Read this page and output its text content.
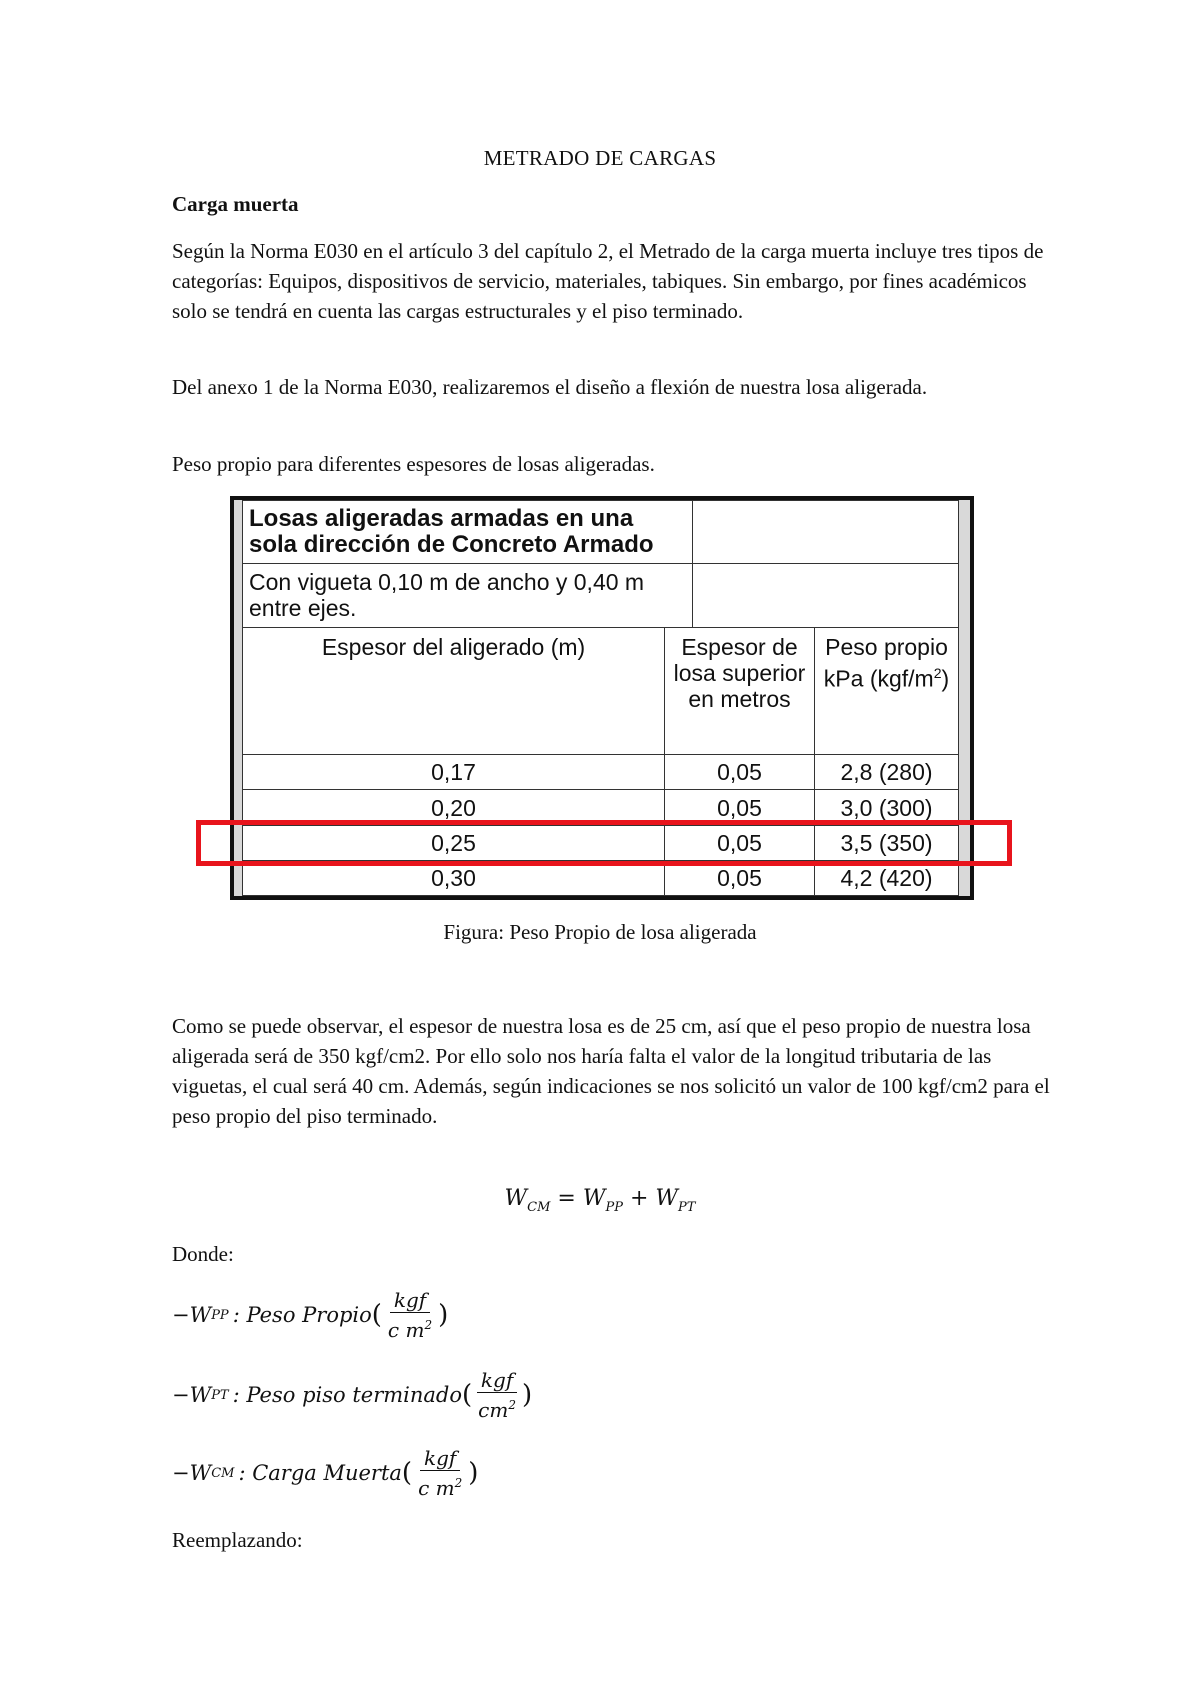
METRADO DE CARGAS
Carga muerta

Según la Norma E030 en el artículo 3 del capítulo 2, el Metrado de la carga muerta incluye tres tipos de categorías: Equipos, dispositivos de servicio, materiales, tabiques. Sin embargo, por fines académicos solo se tendrá en cuenta las cargas estructurales y el piso terminado.

Del anexo 1 de la Norma E030, realizaremos el diseño a flexión de nuestra losa aligerada.

Peso propio para diferentes espesores de losas aligeradas.

Losas aligeradas armadas en una sola dirección de Concreto Armado			
Con vigueta 0,10 m de ancho y 0,40 m entre ejes.			
Espesor del aligerado (m)	Espesor de losa superior en metros		Peso propio
kPa $(kgf/m^2)$
0,17	0,05		2,8 (280)
0,20	0,05		3,0 (300)
0,25	0,05		3,5 (350)
0,30	0,05		4,2 (420)
Figura: Peso Propio de losa aligerada

Como se puede observar, el espesor de nuestra losa es de 25 cm, así que el peso propio de nuestra losa aligerada será de 350 kgf/cm2. Por ello solo nos haría falta el valor de la longitud tributaria de las viguetas, el cual será 40 cm. Además, según indicaciones se nos solicitó un valor de 100 kgf/cm2 para el peso propio del piso terminado.

$W_{CM} = W_{PP} + W_{PT}$
Donde:
−W PP : Peso Propio ( $\frac{\text{kgf}}{c m^2}$ )
−W PT : Peso piso terminado ( $\frac{\text{kgf}}{cm^2}$ )
−W CM : Carga Muerta ( $\frac{\text{kgf}}{c m^2}$ )
Reemplazando:
